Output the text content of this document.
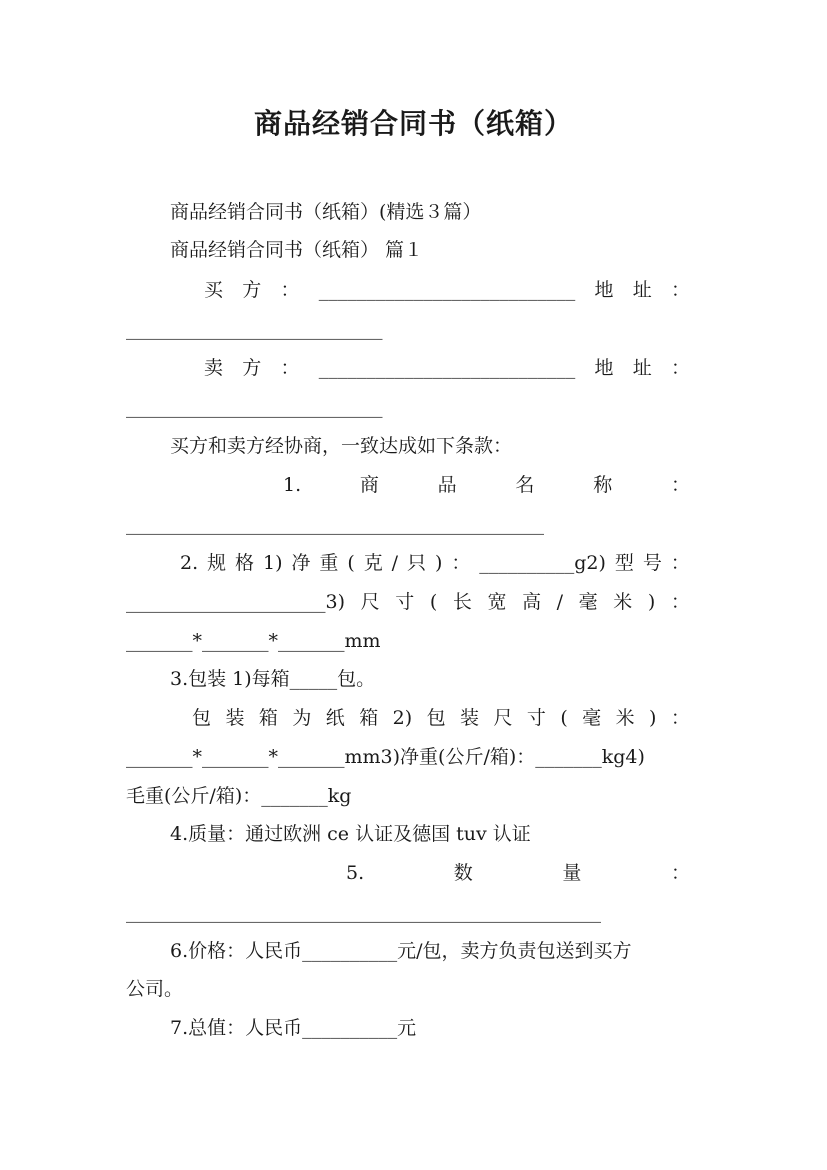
商品经销合同书（纸箱）

商品经销合同书（纸箱）(精选３篇）

商品经销合同书（纸箱） 篇１

买 方 ： ___________________________ 地 址 ：

___________________________

卖 方 ： ___________________________ 地 址 ：

___________________________

买方和卖方经协商，一致达成如下条款：

1.	商	品	名	称	：

____________________________________________

2. 规 格 1) 净 重 ( 克 / 只 ) ： __________g2) 型 号 ：
_____________________3) 尺 寸 ( 长 宽 高 / 毫 米 ) ：

_______*_______*_______mm

3.包装 1)每箱_____包。

包 装 箱 为 纸 箱 2) 包 装 尺 寸 ( 毫 米 ) ：

_______*_______*_______mm3)净重(公斤/箱)：_______kg4)

毛重(公斤/箱)：_______kg

4.质量：通过欧洲 ce 认证及德国 tuv 认证

5.	数	量	：

__________________________________________________

6.价格：人民币__________元/包，卖方负责包送到买方

公司。

7.总值：人民币__________元
